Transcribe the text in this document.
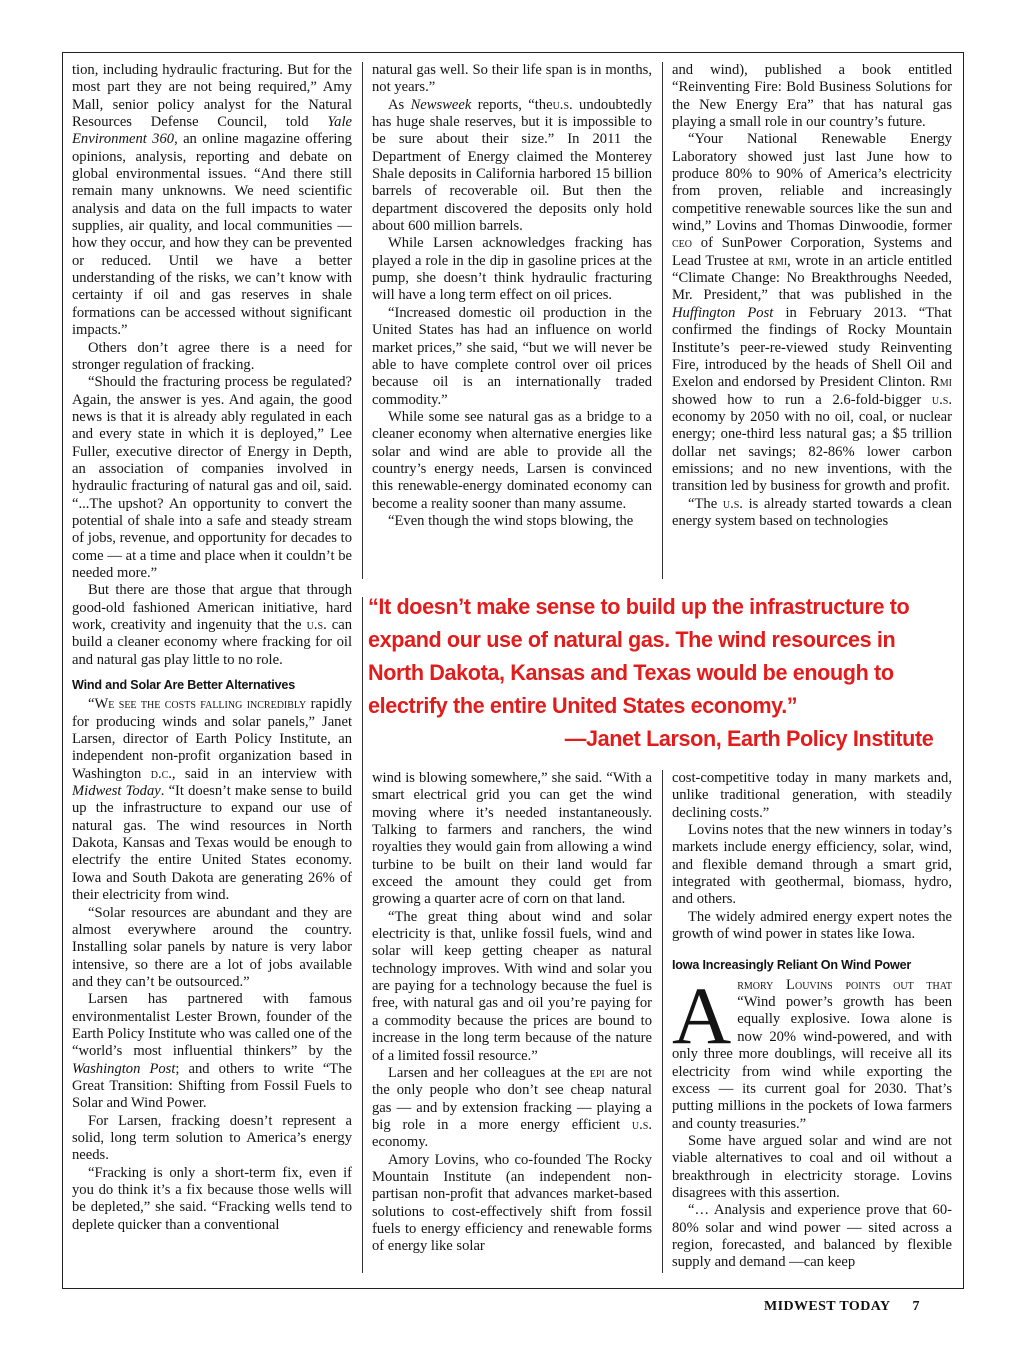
tion, including hydraulic fracturing. But for the most part they are not being required,” Amy Mall, senior policy analyst for the Natural Resources Defense Council, told Yale Environment 360, an online magazine offering opinions, analysis, reporting and debate on global environmental issues. “And there still remain many unknowns. We need scientific analysis and data on the full impacts to water supplies, air quality, and local communities — how they occur, and how they can be prevented or reduced. Until we have a better understanding of the risks, we can’t know with certainty if oil and gas reserves in shale formations can be accessed without significant impacts.”

Others don’t agree there is a need for stronger regulation of fracking.

“Should the fracturing process be regulated? Again, the answer is yes. And again, the good news is that it is already ably regulated in each and every state in which it is deployed,” Lee Fuller, executive director of Energy in Depth, an association of companies involved in hydraulic fracturing of natural gas and oil, said. “...The upshot? An opportunity to convert the potential of shale into a safe and steady stream of jobs, revenue, and opportunity for decades to come — at a time and place when it couldn’t be needed more.”

But there are those that argue that through good-old fashioned American initiative, hard work, creativity and ingenuity that the u.s. can build a cleaner economy where fracking for oil and natural gas play little to no role.

Wind and Solar Are Better Alternatives

“We see the costs falling incredibly rapidly for producing winds and solar panels,” Janet Larsen, director of Earth Policy Institute, an independent non-profit organization based in Washington d.c., said in an interview with Midwest Today. “It doesn’t make sense to build up the infrastructure to expand our use of natural gas. The wind resources in North Dakota, Kansas and Texas would be enough to electrify the entire United States economy. Iowa and South Dakota are generating 26% of their electricity from wind.

“Solar resources are abundant and they are almost everywhere around the country. Installing solar panels by nature is very labor intensive, so there are a lot of jobs available and they can’t be outsourced.”

Larsen has partnered with famous environmentalist Lester Brown, founder of the Earth Policy Institute who was called one of the “world’s most influential thinkers” by the Washington Post; and others to write “The Great Transition: Shifting from Fossil Fuels to Solar and Wind Power.

For Larsen, fracking doesn’t represent a solid, long term solution to America’s energy needs.

“Fracking is only a short-term fix, even if you do think it’s a fix because those wells will be depleted,” she said. “Fracking wells tend to deplete quicker than a conventional

natural gas well. So their life span is in months, not years.”

As Newsweek reports, “theu.s. undoubtedly has huge shale reserves, but it is impossible to be sure about their size.” In 2011 the Department of Energy claimed the Monterey Shale deposits in California harbored 15 billion barrels of recoverable oil. But then the department discovered the deposits only hold about 600 million barrels.

While Larsen acknowledges fracking has played a role in the dip in gasoline prices at the pump, she doesn’t think hydraulic fracturing will have a long term effect on oil prices.

“Increased domestic oil production in the United States has had an influence on world market prices,” she said, “but we will never be able to have complete control over oil prices because oil is an internationally traded commodity.”

While some see natural gas as a bridge to a cleaner economy when alternative energies like solar and wind are able to provide all the country’s energy needs, Larsen is convinced this renewable-energy dominated economy can become a reality sooner than many assume.

“Even though the wind stops blowing, the

and wind), published a book entitled “Reinventing Fire: Bold Business Solutions for the New Energy Era” that has natural gas playing a small role in our country’s future.

“Your National Renewable Energy Laboratory showed just last June how to produce 80% to 90% of America’s electricity from proven, reliable and increasingly competitive renewable sources like the sun and wind,” Lovins and Thomas Dinwoodie, former ceo of SunPower Corporation, Systems and Lead Trustee at rmi, wrote in an article entitled “Climate Change: No Breakthroughs Needed, Mr. President,” that was published in the Huffington Post in February 2013. “That confirmed the findings of Rocky Mountain Institute’s peer-re-viewed study Reinventing Fire, introduced by the heads of Shell Oil and Exelon and endorsed by President Clinton. Rmi showed how to run a 2.6-fold-bigger u.s. economy by 2050 with no oil, coal, or nuclear energy; one-third less natural gas; a $5 trillion dollar net savings; 82-86% lower carbon emissions; and no new inventions, with the transition led by business for growth and profit.

“The u.s. is already started towards a clean energy system based on technologies

“It doesn’t make sense to build up the infrastructure to expand our use of natural gas. The wind resources in North Dakota, Kansas and Texas would be enough to electrify the entire United States economy.”
—Janet Larson, Earth Policy Institute

wind is blowing somewhere,” she said. “With a smart electrical grid you can get the wind moving where it’s needed instantaneously. Talking to farmers and ranchers, the wind royalties they would gain from allowing a wind turbine to be built on their land would far exceed the amount they could get from growing a quarter acre of corn on that land.

“The great thing about wind and solar electricity is that, unlike fossil fuels, wind and solar will keep getting cheaper as natural technology improves. With wind and solar you are paying for a technology because the fuel is free, with natural gas and oil you’re paying for a commodity because the prices are bound to increase in the long term because of the nature of a limited fossil resource.”

Larsen and her colleagues at the epi are not the only people who don’t see cheap natural gas — and by extension fracking — playing a big role in a more energy efficient u.s. economy.

Amory Lovins, who co-founded The Rocky Mountain Institute (an independent non-partisan non-profit that advances market-based solutions to cost-effectively shift from fossil fuels to energy efficiency and renewable forms of energy like solar

cost-competitive today in many markets and, unlike traditional generation, with steadily declining costs.”

Lovins notes that the new winners in today’s markets include energy efficiency, solar, wind, and flexible demand through a smart grid, integrated with geothermal, biomass, hydro, and others.

The widely admired energy expert notes the growth of wind power in states like Iowa.

Iowa Increasingly Reliant On Wind Power

Armory Louvins points out that “Wind power’s growth has been equally explosive. Iowa alone is now 20% wind-powered, and with only three more doublings, will receive all its electricity from wind while exporting the excess — its current goal for 2030. That’s putting millions in the pockets of Iowa farmers and county treasuries.”

Some have argued solar and wind are not viable alternatives to coal and oil without a breakthrough in electricity storage. Lovins disagrees with this assertion.

“… Analysis and experience prove that 60-80% solar and wind power — sited across a region, forecasted, and balanced by flexible supply and demand —can keep

MIDWEST TODAY 7
